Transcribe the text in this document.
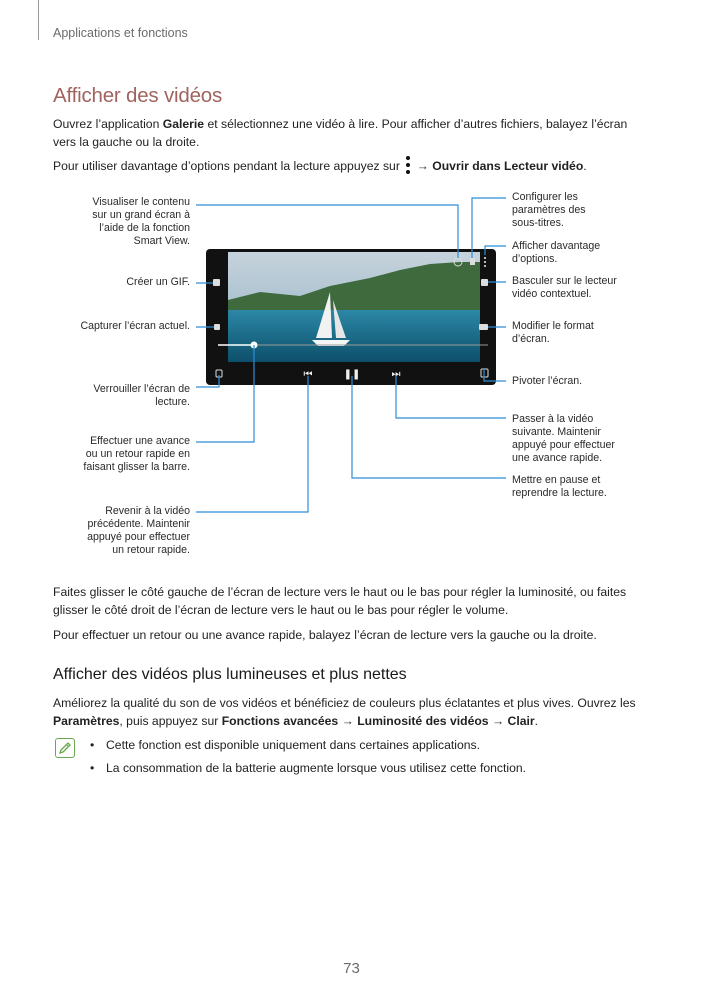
Applications et fonctions
Afficher des vidéos
Ouvrez l’application Galerie et sélectionnez une vidéo à lire. Pour afficher d’autres fichiers, balayez l’écran
vers la gauche ou la droite.
Pour utiliser davantage d’options pendant la lecture appuyez sur
→ Ouvrir dans Lecteur vidéo.
⏮	❚❚	⏭
Visualiser le contenu
sur un grand écran à
l’aide de la fonction
Smart View.
Créer un GIF.
Capturer l’écran actuel.
Verrouiller l’écran de
lecture.
Effectuer une avance
ou un retour rapide en
faisant glisser la barre.
Revenir à la vidéo
précédente. Maintenir
appuyé pour effectuer
un retour rapide.
Configurer les
paramètres des
sous-titres.
Afficher davantage
d’options.
Basculer sur le lecteur
vidéo contextuel.
Modifier le format
d’écran.
Pivoter l’écran.
Passer à la vidéo
suivante. Maintenir
appuyé pour effectuer
une avance rapide.
Mettre en pause et
reprendre la lecture.
Faites glisser le côté gauche de l’écran de lecture vers le haut ou le bas pour régler la luminosité, ou faites
glisser le côté droit de l’écran de lecture vers le haut ou le bas pour régler le volume.
Pour effectuer un retour ou une avance rapide, balayez l’écran de lecture vers la gauche ou la droite.
Afficher des vidéos plus lumineuses et plus nettes
Améliorez la qualité du son de vos vidéos et bénéficiez de couleurs plus éclatantes et plus vives. Ouvrez les
Paramètres, puis appuyez sur Fonctions avancées → Luminosité des vidéos → Clair.
• Cette fonction est disponible uniquement dans certaines applications.
• La consommation de la batterie augmente lorsque vous utilisez cette fonction.
73
